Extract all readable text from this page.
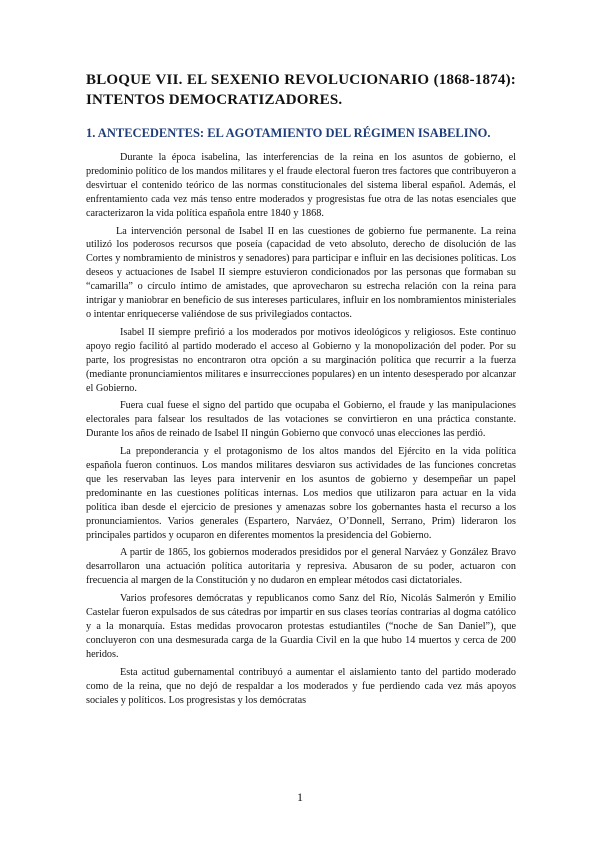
BLOQUE VII. EL SEXENIO REVOLUCIONARIO (1868-1874): INTENTOS DEMOCRATIZADORES.
1. ANTECEDENTES: EL AGOTAMIENTO DEL RÉGIMEN ISABELINO.

Durante la época isabelina, las interferencias de la reina en los asuntos de gobierno, el predominio político de los mandos militares y el fraude electoral fueron tres factores que contribuyeron a desvirtuar el contenido teórico de las normas constitucionales del sistema liberal español. Además, el enfrentamiento cada vez más tenso entre moderados y progresistas fue otra de las notas esenciales que caracterizaron la vida política española entre 1840 y 1868.

La intervención personal de Isabel II en las cuestiones de gobierno fue permanente. La reina utilizó los poderosos recursos que poseía (capacidad de veto absoluto, derecho de disolución de las Cortes y nombramiento de ministros y senadores) para participar e influir en las decisiones políticas. Los deseos y actuaciones de Isabel II siempre estuvieron condicionados por las personas que formaban su “camarilla” o círculo íntimo de amistades, que aprovecharon su estrecha relación con la reina para intrigar y maniobrar en beneficio de sus intereses particulares, influir en los nombramientos ministeriales o intentar enriquecerse valiéndose de sus privilegiados contactos.

Isabel II siempre prefirió a los moderados por motivos ideológicos y religiosos. Este continuo apoyo regio facilitó al partido moderado el acceso al Gobierno y la monopolización del poder. Por su parte, los progresistas no encontraron otra opción a su marginación política que recurrir a la fuerza (mediante pronunciamientos militares e insurrecciones populares) en un intento desesperado por alcanzar el Gobierno.

Fuera cual fuese el signo del partido que ocupaba el Gobierno, el fraude y las manipulaciones electorales para falsear los resultados de las votaciones se convirtieron en una práctica constante. Durante los años de reinado de Isabel II ningún Gobierno que convocó unas elecciones las perdió.

La preponderancia y el protagonismo de los altos mandos del Ejército en la vida política española fueron continuos. Los mandos militares desviaron sus actividades de las funciones concretas que les reservaban las leyes para intervenir en los asuntos de gobierno y desempeñar un papel predominante en las cuestiones políticas internas. Los medios que utilizaron para actuar en la vida política iban desde el ejercicio de presiones y amenazas sobre los gobernantes hasta el recurso a los pronunciamientos. Varios generales (Espartero, Narváez, O’Donnell, Serrano, Prim) lideraron los principales partidos y ocuparon en diferentes momentos la presidencia del Gobierno.

A partir de 1865, los gobiernos moderados presididos por el general Narváez y González Bravo desarrollaron una actuación política autoritaria y represiva. Abusaron de su poder, actuaron con frecuencia al margen de la Constitución y no dudaron en emplear métodos casi dictatoriales.

Varios profesores demócratas y republicanos como Sanz del Río, Nicolás Salmerón y Emilio Castelar fueron expulsados de sus cátedras por impartir en sus clases teorías contrarias al dogma católico y a la monarquía. Estas medidas provocaron protestas estudiantiles (“noche de San Daniel”), que concluyeron con una desmesurada carga de la Guardia Civil en la que hubo 14 muertos y cerca de 200 heridos.

Esta actitud gubernamental contribuyó a aumentar el aislamiento tanto del partido moderado como de la reina, que no dejó de respaldar a los moderados y fue perdiendo cada vez más apoyos sociales y políticos. Los progresistas y los demócratas

1
